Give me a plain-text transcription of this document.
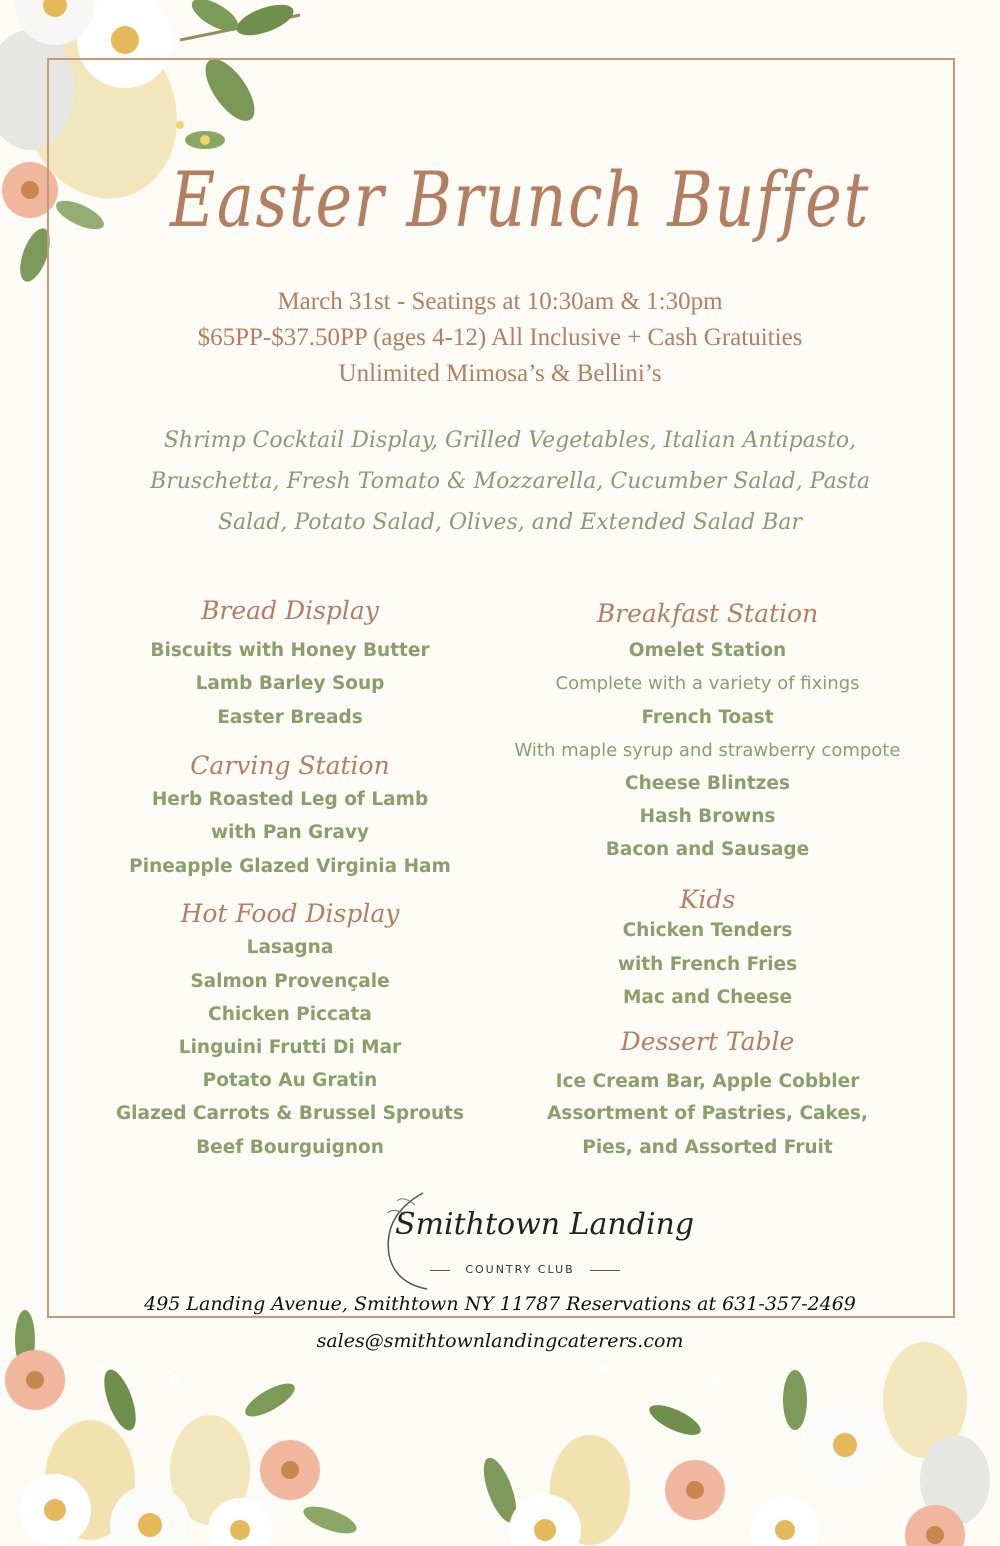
Easter Brunch Buffet
March 31st - Seatings at 10:30am & 1:30pm
$65PP-$37.50PP (ages 4-12) All Inclusive + Cash Gratuities
Unlimited Mimosa’s & Bellini’s
Shrimp Cocktail Display, Grilled Vegetables, Italian Antipasto,
Bruschetta, Fresh Tomato & Mozzarella, Cucumber Salad, Pasta
Salad, Potato Salad, Olives, and Extended Salad Bar
Bread Display
Biscuits with Honey Butter
Lamb Barley Soup
Easter Breads
Carving Station
Herb Roasted Leg of Lamb
with Pan Gravy
Pineapple Glazed Virginia Ham
Hot Food Display
Lasagna
Salmon Provençale
Chicken Piccata
Linguini Frutti Di Mar
Potato Au Gratin
Glazed Carrots & Brussel Sprouts
Beef Bourguignon
Breakfast Station
Omelet Station
Complete with a variety of fixings
French Toast
With maple syrup and strawberry compote
Cheese Blintzes
Hash Browns
Bacon and Sausage
Kids
Chicken Tenders
with French Fries
Mac and Cheese
Dessert Table
Ice Cream Bar, Apple Cobbler
Assortment of Pastries, Cakes,
Pies, and Assorted Fruit
Smithtown Landing
COUNTRY CLUB
495 Landing Avenue, Smithtown NY 11787 Reservations at 631-357-2469
sales@smithtownlandingcaterers.com
